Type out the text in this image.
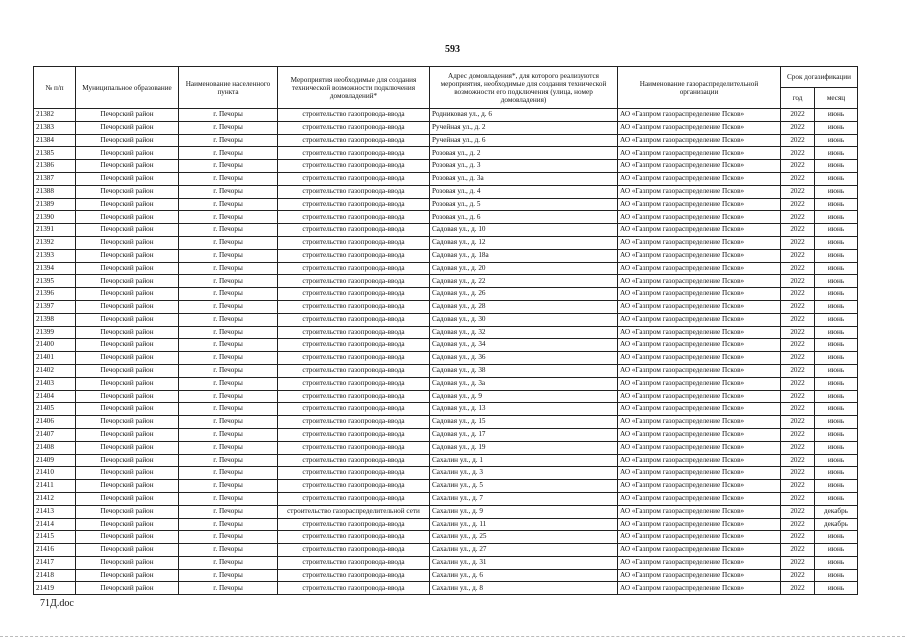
593
№ п/п	Муниципальное образование	Наименование населенного пункта	Мероприятия необходимые для создания технической возможности подключения домовладений*	Адрес домовладения*, для которого реализуются мероприятия, необходимые для создания технической возможности его подключения (улица, номер домовладения)	Наименование газораспределительной организации	Срок догазификации	
						год	месяц
21382	Печорский район	г. Печоры	строительство газопровода-ввода	Родниковая ул., д. 6	АО «Газпром газораспределение Псков»	2022	июнь
21383	Печорский район	г. Печоры	строительство газопровода-ввода	Ручейная ул., д. 2	АО «Газпром газораспределение Псков»	2022	июнь
21384	Печорский район	г. Печоры	строительство газопровода-ввода	Ручейная ул., д. 6	АО «Газпром газораспределение Псков»	2022	июнь
21385	Печорский район	г. Печоры	строительство газопровода-ввода	Розовая ул., д. 2	АО «Газпром газораспределение Псков»	2022	июнь
21386	Печорский район	г. Печоры	строительство газопровода-ввода	Розовая ул., д. 3	АО «Газпром газораспределение Псков»	2022	июнь
21387	Печорский район	г. Печоры	строительство газопровода-ввода	Розовая ул., д. 3а	АО «Газпром газораспределение Псков»	2022	июнь
21388	Печорский район	г. Печоры	строительство газопровода-ввода	Розовая ул., д. 4	АО «Газпром газораспределение Псков»	2022	июнь
21389	Печорский район	г. Печоры	строительство газопровода-ввода	Розовая ул., д. 5	АО «Газпром газораспределение Псков»	2022	июнь
21390	Печорский район	г. Печоры	строительство газопровода-ввода	Розовая ул., д. 6	АО «Газпром газораспределение Псков»	2022	июнь
21391	Печорский район	г. Печоры	строительство газопровода-ввода	Садовая ул., д. 10	АО «Газпром газораспределение Псков»	2022	июнь
21392	Печорский район	г. Печоры	строительство газопровода-ввода	Садовая ул., д. 12	АО «Газпром газораспределение Псков»	2022	июнь
21393	Печорский район	г. Печоры	строительство газопровода-ввода	Садовая ул., д. 18а	АО «Газпром газораспределение Псков»	2022	июнь
21394	Печорский район	г. Печоры	строительство газопровода-ввода	Садовая ул., д. 20	АО «Газпром газораспределение Псков»	2022	июнь
21395	Печорский район	г. Печоры	строительство газопровода-ввода	Садовая ул., д. 22	АО «Газпром газораспределение Псков»	2022	июнь
21396	Печорский район	г. Печоры	строительство газопровода-ввода	Садовая ул., д. 26	АО «Газпром газораспределение Псков»	2022	июнь
21397	Печорский район	г. Печоры	строительство газопровода-ввода	Садовая ул., д. 28	АО «Газпром газораспределение Псков»	2022	июнь
21398	Печорский район	г. Печоры	строительство газопровода-ввода	Садовая ул., д. 30	АО «Газпром газораспределение Псков»	2022	июнь
21399	Печорский район	г. Печоры	строительство газопровода-ввода	Садовая ул., д. 32	АО «Газпром газораспределение Псков»	2022	июнь
21400	Печорский район	г. Печоры	строительство газопровода-ввода	Садовая ул., д. 34	АО «Газпром газораспределение Псков»	2022	июнь
21401	Печорский район	г. Печоры	строительство газопровода-ввода	Садовая ул., д. 36	АО «Газпром газораспределение Псков»	2022	июнь
21402	Печорский район	г. Печоры	строительство газопровода-ввода	Садовая ул., д. 38	АО «Газпром газораспределение Псков»	2022	июнь
21403	Печорский район	г. Печоры	строительство газопровода-ввода	Садовая ул., д. 3а	АО «Газпром газораспределение Псков»	2022	июнь
21404	Печорский район	г. Печоры	строительство газопровода-ввода	Садовая ул., д. 9	АО «Газпром газораспределение Псков»	2022	июнь
21405	Печорский район	г. Печоры	строительство газопровода-ввода	Садовая ул., д. 13	АО «Газпром газораспределение Псков»	2022	июнь
21406	Печорский район	г. Печоры	строительство газопровода-ввода	Садовая ул., д. 15	АО «Газпром газораспределение Псков»	2022	июнь
21407	Печорский район	г. Печоры	строительство газопровода-ввода	Садовая ул., д. 17	АО «Газпром газораспределение Псков»	2022	июнь
21408	Печорский район	г. Печоры	строительство газопровода-ввода	Садовая ул., д. 19	АО «Газпром газораспределение Псков»	2022	июнь
21409	Печорский район	г. Печоры	строительство газопровода-ввода	Сахалин ул., д. 1	АО «Газпром газораспределение Псков»	2022	июнь
21410	Печорский район	г. Печоры	строительство газопровода-ввода	Сахалин ул., д. 3	АО «Газпром газораспределение Псков»	2022	июнь
21411	Печорский район	г. Печоры	строительство газопровода-ввода	Сахалин ул., д. 5	АО «Газпром газораспределение Псков»	2022	июнь
21412	Печорский район	г. Печоры	строительство газопровода-ввода	Сахалин ул., д. 7	АО «Газпром газораспределение Псков»	2022	июнь
21413	Печорский район	г. Печоры	строительство газораспределительной сети	Сахалин ул., д. 9	АО «Газпром газораспределение Псков»	2022	декабрь
21414	Печорский район	г. Печоры	строительство газопровода-ввода	Сахалин ул., д. 11	АО «Газпром газораспределение Псков»	2022	декабрь
21415	Печорский район	г. Печоры	строительство газопровода-ввода	Сахалин ул., д. 25	АО «Газпром газораспределение Псков»	2022	июнь
21416	Печорский район	г. Печоры	строительство газопровода-ввода	Сахалин ул., д. 27	АО «Газпром газораспределение Псков»	2022	июнь
21417	Печорский район	г. Печоры	строительство газопровода-ввода	Сахалин ул., д. 31	АО «Газпром газораспределение Псков»	2022	июнь
21418	Печорский район	г. Печоры	строительство газопровода-ввода	Сахалин ул., д. 6	АО «Газпром газораспределение Псков»	2022	июнь
21419	Печорский район	г. Печоры	строительство газопровода-ввода	Сахалин ул., д. 8	АО «Газпром газораспределение Псков»	2022	июнь
71Д.doc
